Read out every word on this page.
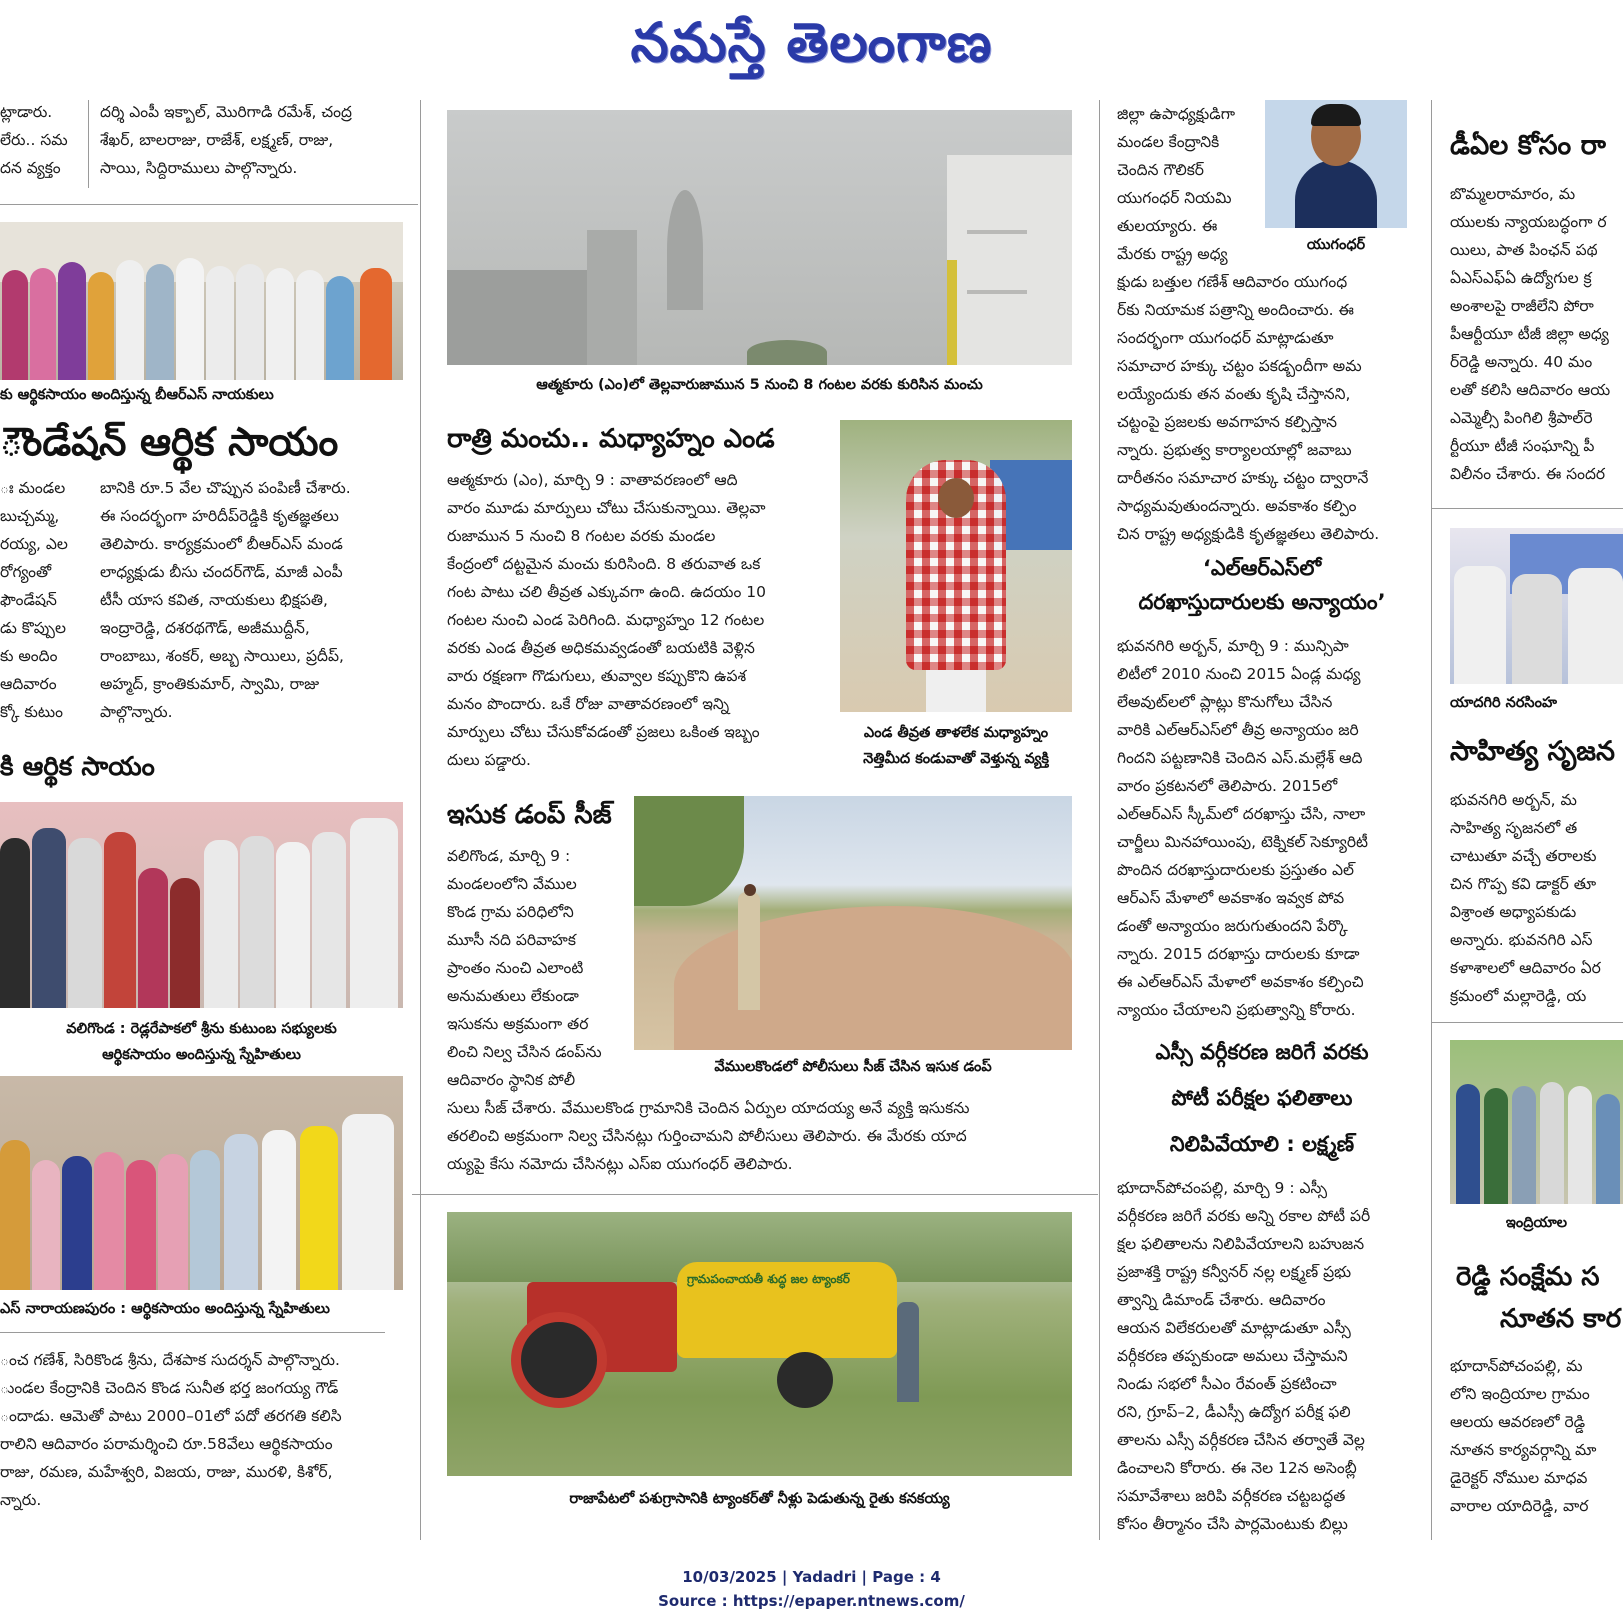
నమస్తే తెలంగాణ

ట్లాడారు.
లేరు.. సమ
దన వ్యక్తం

దర్శి ఎంపీ ఇక్బాల్, మొరిగాడి రమేశ్, చంద్ర
శేఖర్, బాలరాజు, రాజేశ్, లక్ష్మణ్, రాజు,
సాయి, సిద్దిరాములు పాల్గొన్నారు.

కు ఆర్థికసాయం అందిస్తున్న బీఆర్ఎస్ నాయకులు
ౌండేషన్ ఆర్థిక సాయం

ః మండల
బుచ్చమ్మ,
రయ్య, ఎల
రోగ్యంతో
ఫౌండేషన్
డు కొప్పుల
కు అందిం
ఆదివారం
క్కో కుటుం

బానికి రూ.5 వేల చొప్పున పంపిణీ చేశారు.
ఈ సందర్భంగా హరిదీప్‌రెడ్డికి కృతజ్ఞతలు
తెలిపారు. కార్యక్రమంలో బీఆర్ఎస్ మండ
లాధ్యక్షుడు బీసు చందర్‌గౌడ్, మాజీ ఎంపీ
టీసీ యాస కవిత, నాయకులు భిక్షపతి,
ఇంద్రారెడ్డి, దశరథగౌడ్, అజీముద్దీన్,
రాంబాబు, శంకర్, అబ్బ సాయిలు, ప్రదీప్,
అహ్మద్, క్రాంతికుమార్, స్వామి, రాజు
పాల్గొన్నారు.

కి ఆర్థిక సాయం
వలిగొండ : రెడ్లరేపాకలో శ్రీను కుటుంబ సభ్యులకు
ఆర్థికసాయం అందిస్తున్న స్నేహితులు
ఎస్ నారాయణపురం : ఆర్థికసాయం అందిస్తున్న స్నేహితులు

ంచ గణేశ్, సిరికొండ శ్రీను, దేశపాక సుదర్శన్ పాల్గొన్నారు.
ుండల కేంద్రానికి చెందిన కొండ సునీత భర్త జంగయ్య గౌడ్
ందాడు. ఆమెతో పాటు 2000–01లో పదో తరగతి కలిసి
రాలిని ఆదివారం పరామర్శించి రూ.58వేలు ఆర్థికసాయం
రాజు, రమణ, మహేశ్వరి, విజయ, రాజు, మురళి, కిశోర్,
న్నారు.

ఆత్మకూరు (ఎం)లో తెల్లవారుజామున 5 నుంచి 8 గంటల వరకు కురిసిన మంచు
రాత్రి మంచు.. మధ్యాహ్నం ఎండ

ఆత్మకూరు (ఎం), మార్చి 9 : వాతావరణంలో ఆది
వారం మూడు మార్పులు చోటు చేసుకున్నాయి. తెల్లవా
రుజామున 5 నుంచి 8 గంటల వరకు మండల
కేంద్రంలో దట్టమైన మంచు కురిసింది. 8 తరువాత ఒక
గంట పాటు చలి తీవ్రత ఎక్కువగా ఉంది. ఉదయం 10
గంటల నుంచి ఎండ పెరిగింది. మధ్యాహ్నం 12 గంటల
వరకు ఎండ తీవ్రత అధికమవ్వడంతో బయటికి వెళ్లిన
వారు రక్షణగా గొడుగులు, తువ్వాల కప్పుకొని ఉపశ
మనం పొందారు. ఒకే రోజు వాతావరణంలో ఇన్ని
మార్పులు చోటు చేసుకోవడంతో ప్రజలు ఒకింత ఇబ్బం
దులు పడ్డారు.

ఎండ తీవ్రత తాళలేక మధ్యాహ్నం
నెత్తిమీద కండువాతో వెళ్తున్న వ్యక్తి
ఇసుక డంప్ సీజ్

వలిగొండ, మార్చి 9 :
మండలంలోని వేముల
కొండ గ్రామ పరిధిలోని
మూసీ నది పరివాహక
ప్రాంతం నుంచి ఎలాంటి
అనుమతులు లేకుండా
ఇసుకను అక్రమంగా తర
లించి నిల్వ చేసిన డంప్‌ను
ఆదివారం స్థానిక పోలీ

వేములకొండలో పోలీసులు సీజ్ చేసిన ఇసుక డంప్

సులు సీజ్ చేశారు. వేములకొండ గ్రామానికి చెందిన ఏర్పుల యాదయ్య అనే వ్యక్తి ఇసుకను
తరలించి అక్రమంగా నిల్వ చేసినట్లు గుర్తించామని పోలీసులు తెలిపారు. ఈ మేరకు యాద
య్యపై కేసు నమోదు చేసినట్లు ఎస్ఐ యుగంధర్ తెలిపారు.

గ్రామపంచాయతీ శుద్ధ జల ట్యాంకర్
రాజాపేటలో పశుగ్రాసానికి ట్యాంకర్‌తో నీళ్లు పెడుతున్న రైతు కనకయ్య

జిల్లా ఉపాధ్యక్షుడిగా
మండల కేంద్రానికి
చెందిన గౌలికర్
యుగంధర్ నియమి
తులయ్యారు. ఈ
మేరకు రాష్ట్ర అధ్య	యుగంధర్

క్షుడు బత్తుల గణేశ్ ఆదివారం యుగంధ
ర్‌కు నియామక పత్రాన్ని అందించారు. ఈ
సందర్భంగా యుగంధర్ మాట్లాడుతూ
సమాచార హక్కు చట్టం పకడ్బందీగా అమ
లయ్యేందుకు తన వంతు కృషి చేస్తానని,
చట్టంపై ప్రజలకు అవగాహన కల్పిస్తాన
న్నారు. ప్రభుత్వ కార్యాలయాల్లో జవాబు
దారీతనం సమాచార హక్కు చట్టం ద్వారానే
సాధ్యమవుతుందన్నారు. అవకాశం కల్పిం
చిన రాష్ట్ర అధ్యక్షుడికి కృతజ్ఞతలు తెలిపారు.

‘ఎల్ఆర్ఎస్‌లో
దరఖాస్తుదారులకు అన్యాయం’

భువనగిరి అర్బన్, మార్చి 9 : మున్సిపా
లిటీలో 2010 నుంచి 2015 ఏండ్ల మధ్య
లేఅవుట్‌లలో ప్లాట్లు కొనుగోలు చేసిన
వారికి ఎల్ఆర్ఎస్‌లో తీవ్ర అన్యాయం జరి
గిందని పట్టణానికి చెందిన ఎస్.మల్లేశ్ ఆది
వారం ప్రకటనలో తెలిపారు. 2015లో
ఎల్ఆర్ఎస్ స్కీమ్‌లో దరఖాస్తు చేసి, నాలా
చార్జీలు మినహాయింపు, టెక్నికల్ సెక్యూరిటీ
పొందిన దరఖాస్తుదారులకు ప్రస్తుతం ఎల్
ఆర్ఎస్ మేళాలో అవకాశం ఇవ్వక పోవ
డంతో అన్యాయం జరుగుతుందని పేర్కొ
న్నారు. 2015 దరఖాస్తు దారులకు కూడా
ఈ ఎల్ఆర్ఎస్ మేళాలో అవకాశం కల్పించి
న్యాయం చేయాలని ప్రభుత్వాన్ని కోరారు.

ఎస్సీ వర్గీకరణ జరిగే వరకు
పోటీ పరీక్షల ఫలితాలు
నిలిపివేయాలి : లక్ష్మణ్

భూదాన్‌పోచంపల్లి, మార్చి 9 : ఎస్సీ
వర్గీకరణ జరిగే వరకు అన్ని రకాల పోటీ పరీ
క్షల ఫలితాలను నిలిపివేయాలని బహుజన
ప్రజాశక్తి రాష్ట్ర కన్వీనర్ నల్ల లక్ష్మణ్ ప్రభు
త్వాన్ని డిమాండ్ చేశారు. ఆదివారం
ఆయన విలేకరులతో మాట్లాడుతూ ఎస్సీ
వర్గీకరణ తప్పకుండా అమలు చేస్తామని
నిండు సభలో సీఎం రేవంత్ ప్రకటించా
రని, గ్రూప్–2, డీఎస్సీ ఉద్యోగ పరీక్ష ఫలి
తాలను ఎస్సీ వర్గీకరణ చేసిన తర్వాతే వెల్ల
డించాలని కోరారు. ఈ నెల 12న అసెంబ్లీ
సమావేశాలు జరిపి వర్గీకరణ చట్టబద్ధత
కోసం తీర్మానం చేసి పార్లమెంటుకు బిల్లు

డీఏల కోసం రా

బొమ్మలరామారం, మ
యులకు న్యాయబద్ధంగా ర
యిలు, పాత పింఛన్ పథ
ఏఎస్ఎఫ్ఏ ఉద్యోగుల క్ర
అంశాలపై రాజీలేని పోరా
పీఆర్టీయూ టీజీ జిల్లా అధ్య
ర్‌రెడ్డి అన్నారు. 40 మం
లతో కలిసి ఆదివారం ఆయ
ఎమ్మెల్సీ పింగిలి శ్రీపాల్‌రె
ర్టీయూ టీజీ సంఘాన్ని పీ
విలీనం చేశారు. ఈ సందర

యాదగిరి నరసింహ
సాహిత్య సృజన

భువనగిరి అర్బన్, మ
సాహిత్య సృజనలో త
చాటుతూ వచ్చే తరాలకు
చిన గొప్ప కవి డాక్టర్ తూ
విశ్రాంత అధ్యాపకుడు
అన్నారు. భువనగిరి ఎస్
కళాశాలలో ఆదివారం ఏర
క్రమంలో మల్లారెడ్డి, య

ఇంద్రియాల
రెడ్డి సంక్షేమ స
నూతన కార

భూదాన్‌పోచంపల్లి, మ
లోని ఇంద్రియాల గ్రామం
ఆలయ ఆవరణలో రెడ్డి
నూతన కార్యవర్గాన్ని మా
డైరెక్టర్ నోముల మాధవ
వారాల యాదిరెడ్డి, వార

10/03/2025 | Yadadri | Page : 4
Source : https://epaper.ntnews.com/
